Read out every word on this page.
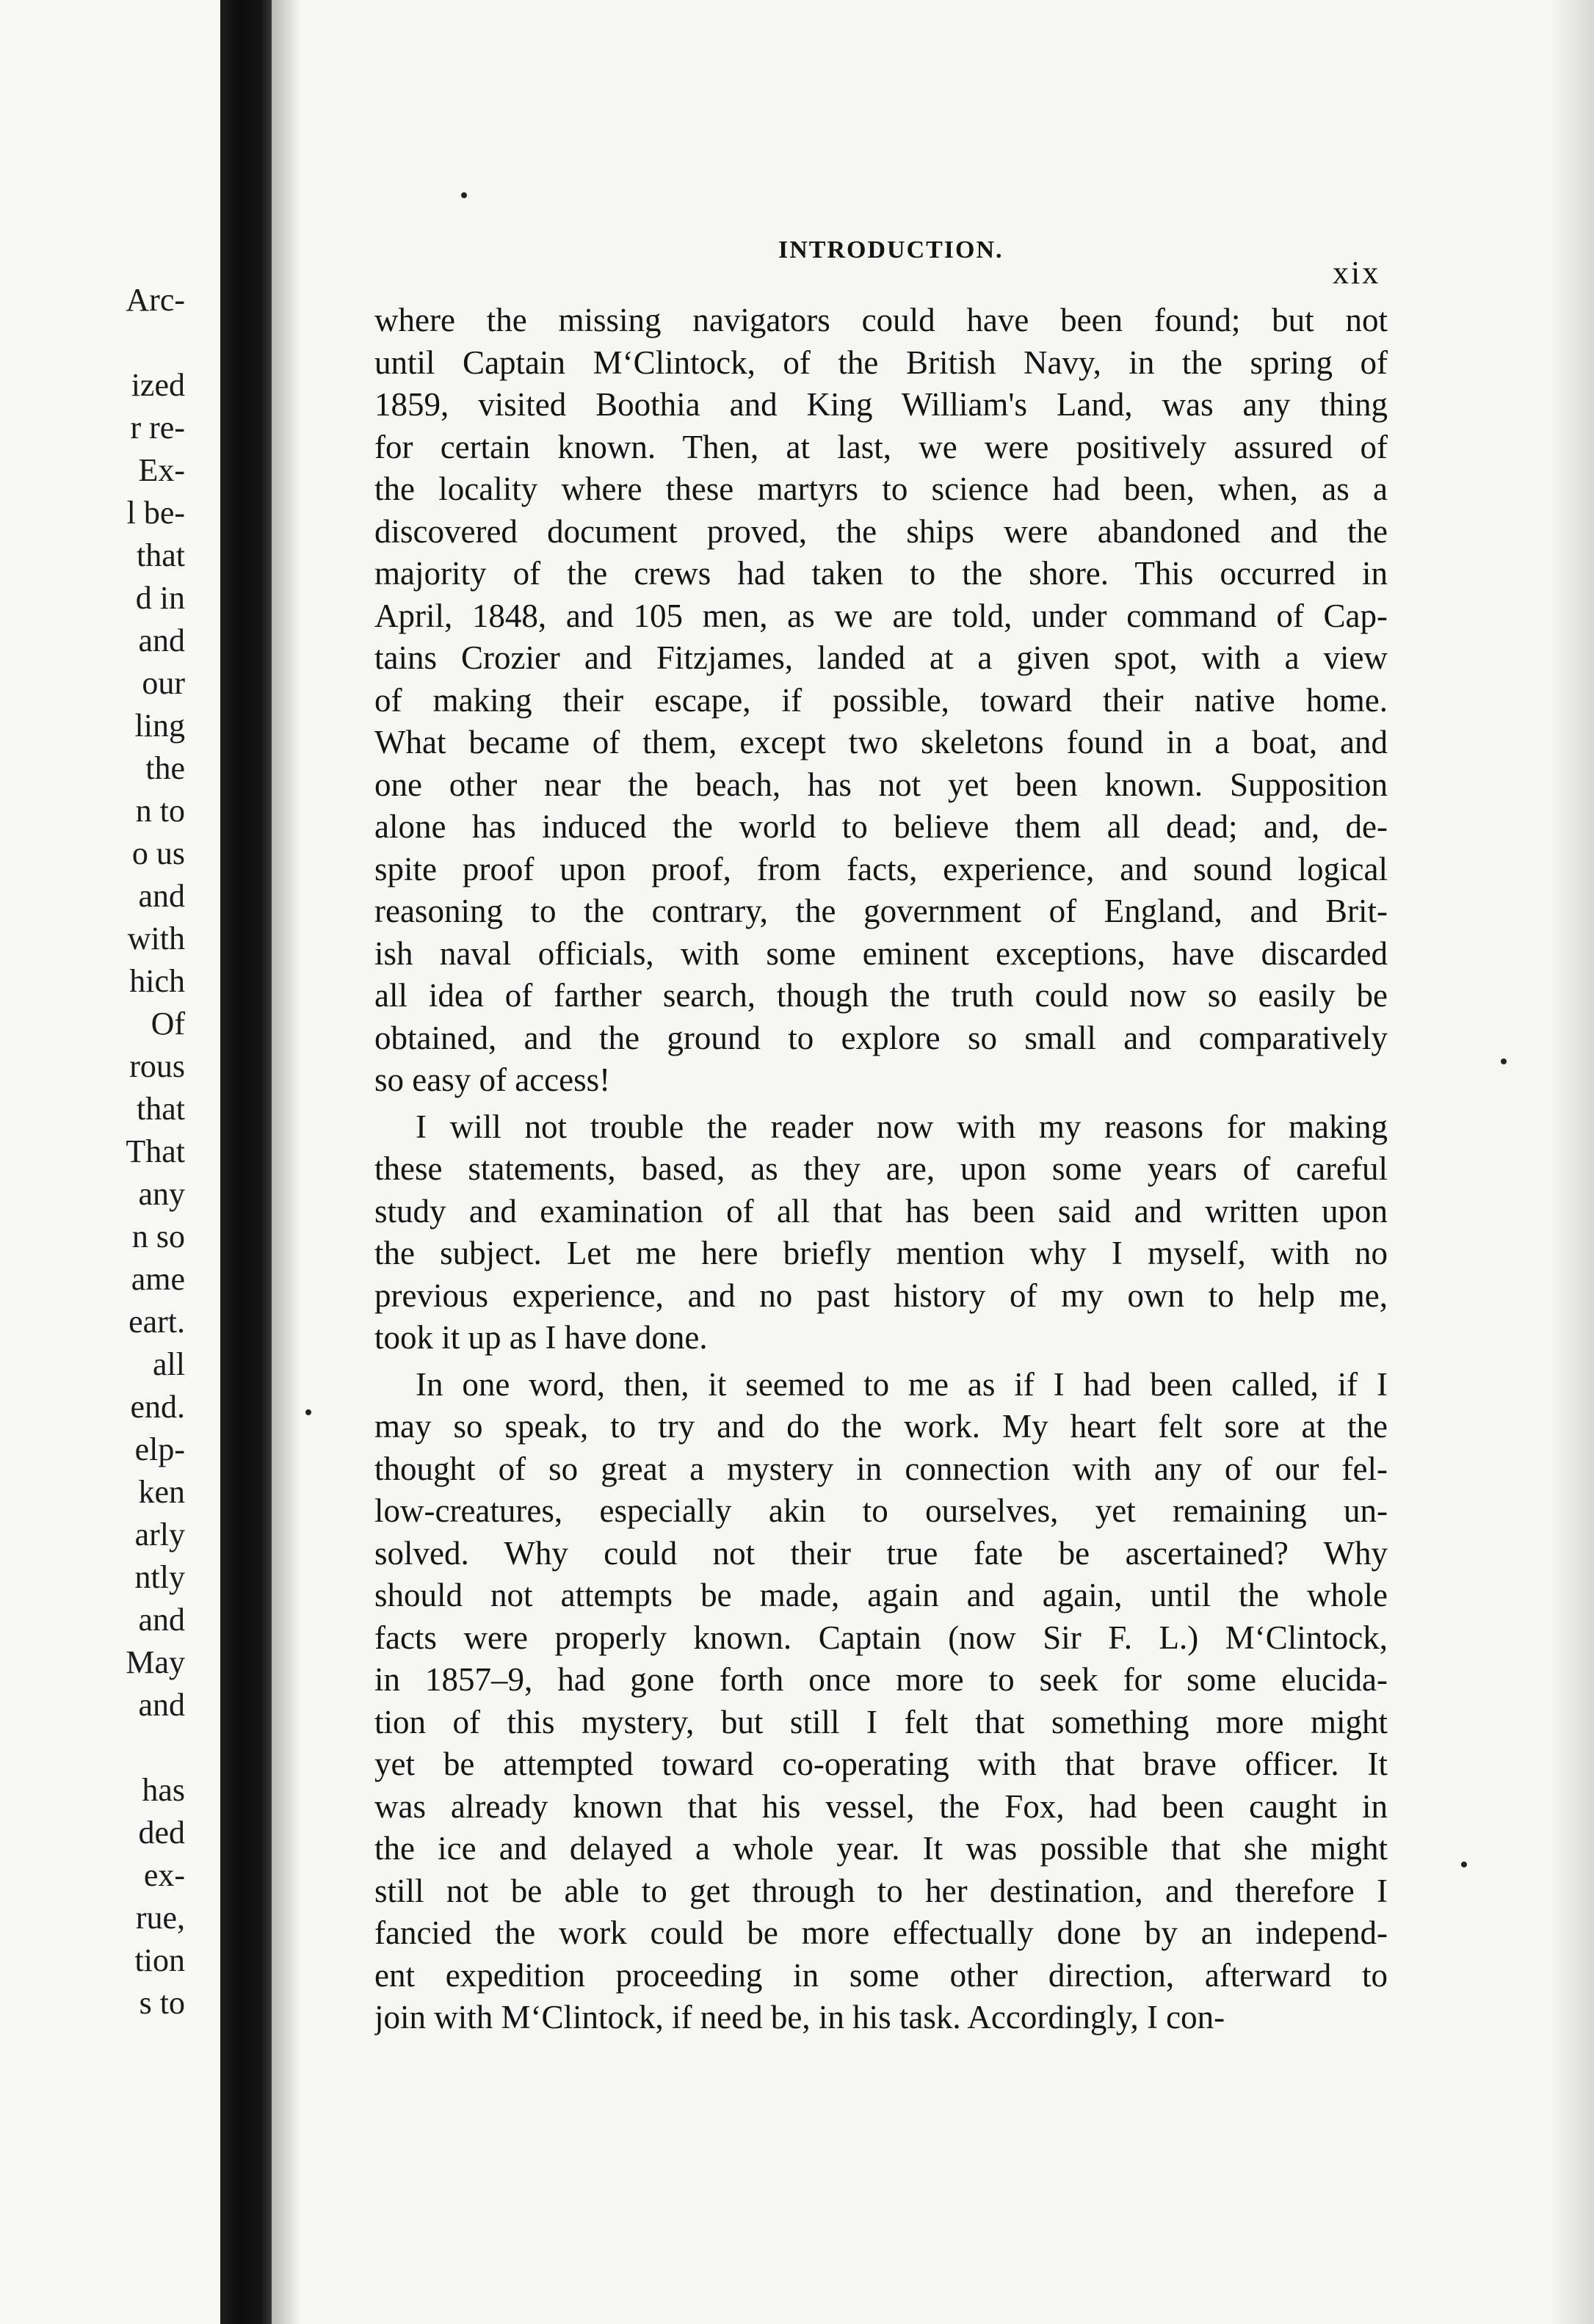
Arc-
ized
r re-
Ex-
l be-
that
d in
and
our
ling
the
n to
o us
and
with
hich
Of
rous
that
That
any
n so
ame
eart.
all
end.
elp-
ken
arly
ntly
and
May
and
has
ded
ex-
rue,
tion
s to
INTRODUCTION.
xix
where the missing navigators could have been found; but not
until Captain M‘Clintock, of the British Navy, in the spring of
1859, visited Boothia and King William's Land, was any thing
for certain known. Then, at last, we were positively assured of
the locality where these martyrs to science had been, when, as a
discovered document proved, the ships were abandoned and the
majority of the crews had taken to the shore. This occurred in
April, 1848, and 105 men, as we are told, under command of Cap-
tains Crozier and Fitzjames, landed at a given spot, with a view
of making their escape, if possible, toward their native home.
What became of them, except two skeletons found in a boat, and
one other near the beach, has not yet been known. Supposition
alone has induced the world to believe them all dead; and, de-
spite proof upon proof, from facts, experience, and sound logical
reasoning to the contrary, the government of England, and Brit-
ish naval officials, with some eminent exceptions, have discarded
all idea of farther search, though the truth could now so easily be
obtained, and the ground to explore so small and comparatively
so easy of access!
I will not trouble the reader now with my reasons for making
these statements, based, as they are, upon some years of careful
study and examination of all that has been said and written upon
the subject. Let me here briefly mention why I myself, with no
previous experience, and no past history of my own to help me,
took it up as I have done.
In one word, then, it seemed to me as if I had been called, if I
may so speak, to try and do the work. My heart felt sore at the
thought of so great a mystery in connection with any of our fel-
low-creatures, especially akin to ourselves, yet remaining un-
solved. Why could not their true fate be ascertained? Why
should not attempts be made, again and again, until the whole
facts were properly known. Captain (now Sir F. L.) M‘Clintock,
in 1857–9, had gone forth once more to seek for some elucida-
tion of this mystery, but still I felt that something more might
yet be attempted toward co-operating with that brave officer. It
was already known that his vessel, the Fox, had been caught in
the ice and delayed a whole year. It was possible that she might
still not be able to get through to her destination, and therefore I
fancied the work could be more effectually done by an independ-
ent expedition proceeding in some other direction, afterward to
join with M‘Clintock, if need be, in his task. Accordingly, I con-
